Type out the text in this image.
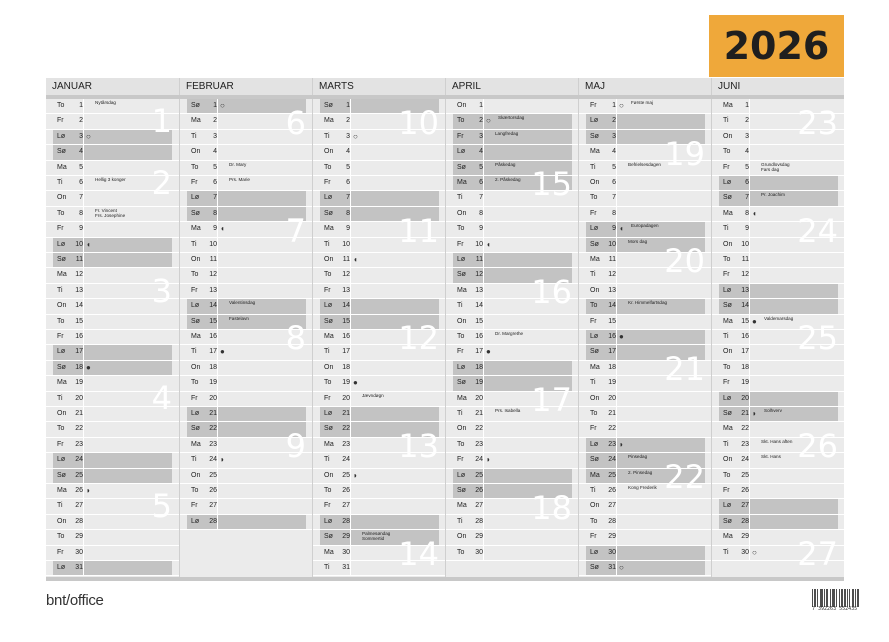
2026
JANUAR	FEBRUAR	MARTS	APRIL	MAJ	JUNI
To	1	Nytårsdag
Fr	2
Lø	3 ○
Sø	4
Ma	5
Ti	6	Hellig 3 konger
On	7
To	8	Fr. Vincent
Frs. Josephine
Fr	9
Lø	10 ◖
Sø	11
Ma	12
Ti	13
On	14
To	15
Fr	16
Lø	17
Sø	18 ●
Ma	19
Ti	20
On	21
To	22
Fr	23
Lø	24
Sø	25
Ma	26 ◗
Ti	27
On	28
To	29
Fr	30
Lø	31
1
2
3
4
5
Sø	1 ○
Ma	2
Ti	3
On	4
To	5	Dr. Mary
Fr	6	Prs. Marie
Lø	7
Sø	8
Ma	9 ◖
Ti	10
On	11
To	12
Fr	13
Lø	14	Valentinsdag
Sø	15	Fastelavn
Ma	16
Ti	17 ●
On	18
To	19
Fr	20
Lø	21
Sø	22
Ma	23
Ti	24 ◗
On	25
To	26
Fr	27
Lø	28
6
7
8
9
Sø	1
Ma	2
Ti	3 ○
On	4
To	5
Fr	6
Lø	7
Sø	8
Ma	9
Ti	10
On	11 ◖
To	12
Fr	13
Lø	14
Sø	15
Ma	16
Ti	17
On	18
To	19 ●
Fr	20	Jævndøgn
Lø	21
Sø	22
Ma	23
Ti	24
On	25 ◗
To	26
Fr	27
Lø	28
Sø	29	Palmesøndag
Sommertid
Ma	30
Ti	31
10
11
12
13
14
On	1
To	2 ○ Skærtorsdag
Fr	3	Langfredag
Lø	4
Sø	5	Påskedag
Ma	6	2. Påskedag
Ti	7
On	8
To	9
Fr	10 ◖
Lø	11
Sø	12
Ma	13
Ti	14
On	15
To	16	Dr. Margrethe
Fr	17 ●
Lø	18
Sø	19
Ma	20
Ti	21	Prs. Isabella
On	22
To	23
Fr	24 ◗
Lø	25
Sø	26
Ma	27
Ti	28
On	29
To	30
15
16
17
18
Fr	1 ○ Første maj
Lø	2
Sø	3
Ma	4
Ti	5	Befrielsesdagen
On	6
To	7
Fr	8
Lø	9 ◖ Europadagen
Sø	10	Mors dag
Ma	11
Ti	12
On	13
To	14	Kr. Himmelfartsdag
Fr	15
Lø	16 ●
Sø	17
Ma	18
Ti	19
On	20
To	21
Fr	22
Lø	23 ◗
Sø	24	Pinsedag
Ma	25	2. Pinsedag
Ti	26	Kong Frederik
On	27
To	28
Fr	29
Lø	30
Sø	31 ○
19
20
21
22
Ma	1
Ti	2
On	3
To	4
Fr	5	Grundlovsdag
Fars dag
Lø	6
Sø	7	Pr. Joachim
Ma	8 ◖
Ti	9
On	10
To	11
Fr	12
Lø	13
Sø	14
Ma	15 ● Valdemarsdag
Ti	16
On	17
To	18
Fr	19
Lø	20
Sø	21 ◗ Solhverv
Ma	22
Ti	23	Skt. Hans aften
On	24	Skt. Hans
To	25
Fr	26
Lø	27
Sø	28
Ma	29
Ti	30 ○
23
24
25
26
27
bnt/office	7 392263 552435
